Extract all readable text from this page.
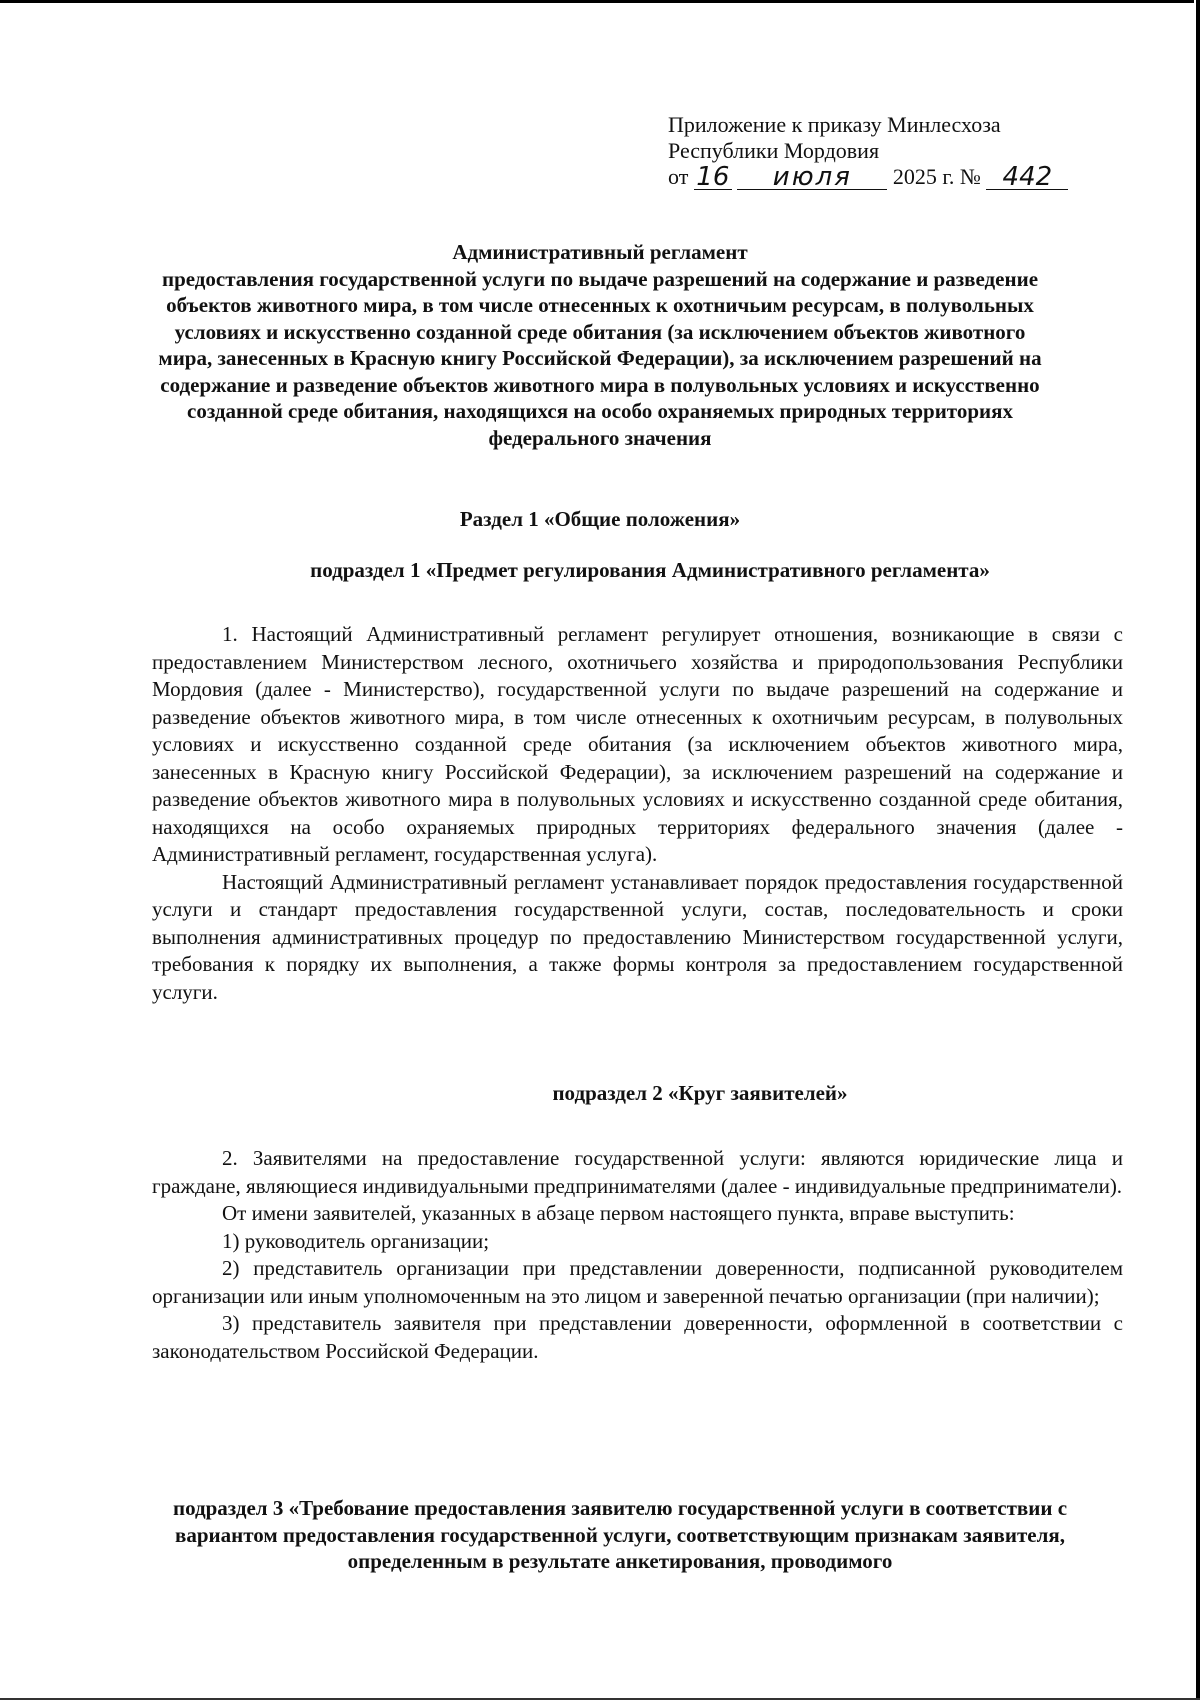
Приложение к приказу Минлесхоза
Республики Мордовия
от 16 июля 2025 г. № 442
Административный регламент
предоставления государственной услуги по выдаче разрешений на содержание и разведение объектов животного мира, в том числе отнесенных к охотничьим ресурсам, в полувольных условиях и искусственно созданной среде обитания (за исключением объектов животного мира, занесенных в Красную книгу Российской Федерации), за исключением разрешений на содержание и разведение объектов животного мира в полувольных условиях и искусственно созданной среде обитания, находящихся на особо охраняемых природных территориях федерального значения
Раздел 1 «Общие положения»
подраздел 1 «Предмет регулирования Административного регламента»

1. Настоящий Административный регламент регулирует отношения, возникающие в связи с предоставлением Министерством лесного, охотничьего хозяйства и природопользования Республики Мордовия (далее - Министерство), государственной услуги по выдаче разрешений на содержание и разведение объектов животного мира, в том числе отнесенных к охотничьим ресурсам, в полувольных условиях и искусственно созданной среде обитания (за исключением объектов животного мира, занесенных в Красную книгу Российской Федерации), за исключением разрешений на содержание и разведение объектов животного мира в полувольных условиях и искусственно созданной среде обитания, находящихся на особо охраняемых природных территориях федерального значения (далее - Административный регламент, государственная услуга).

Настоящий Административный регламент устанавливает порядок предоставления государственной услуги и стандарт предоставления государственной услуги, состав, последовательность и сроки выполнения административных процедур по предоставлению Министерством государственной услуги, требования к порядку их выполнения, а также формы контроля за предоставлением государственной услуги.

подраздел 2 «Круг заявителей»

2. Заявителями на предоставление государственной услуги: являются юридические лица и граждане, являющиеся индивидуальными предпринимателями (далее - индивидуальные предприниматели).

От имени заявителей, указанных в абзаце первом настоящего пункта, вправе выступить:

1) руководитель организации;

2) представитель организации при представлении доверенности, подписанной руководителем организации или иным уполномоченным на это лицом и заверенной печатью организации (при наличии);

3) представитель заявителя при представлении доверенности, оформленной в соответствии с законодательством Российской Федерации.

подраздел 3 «Требование предоставления заявителю государственной услуги в соответствии с вариантом предоставления государственной услуги, соответствующим признакам заявителя, определенным в результате анкетирования, проводимого
